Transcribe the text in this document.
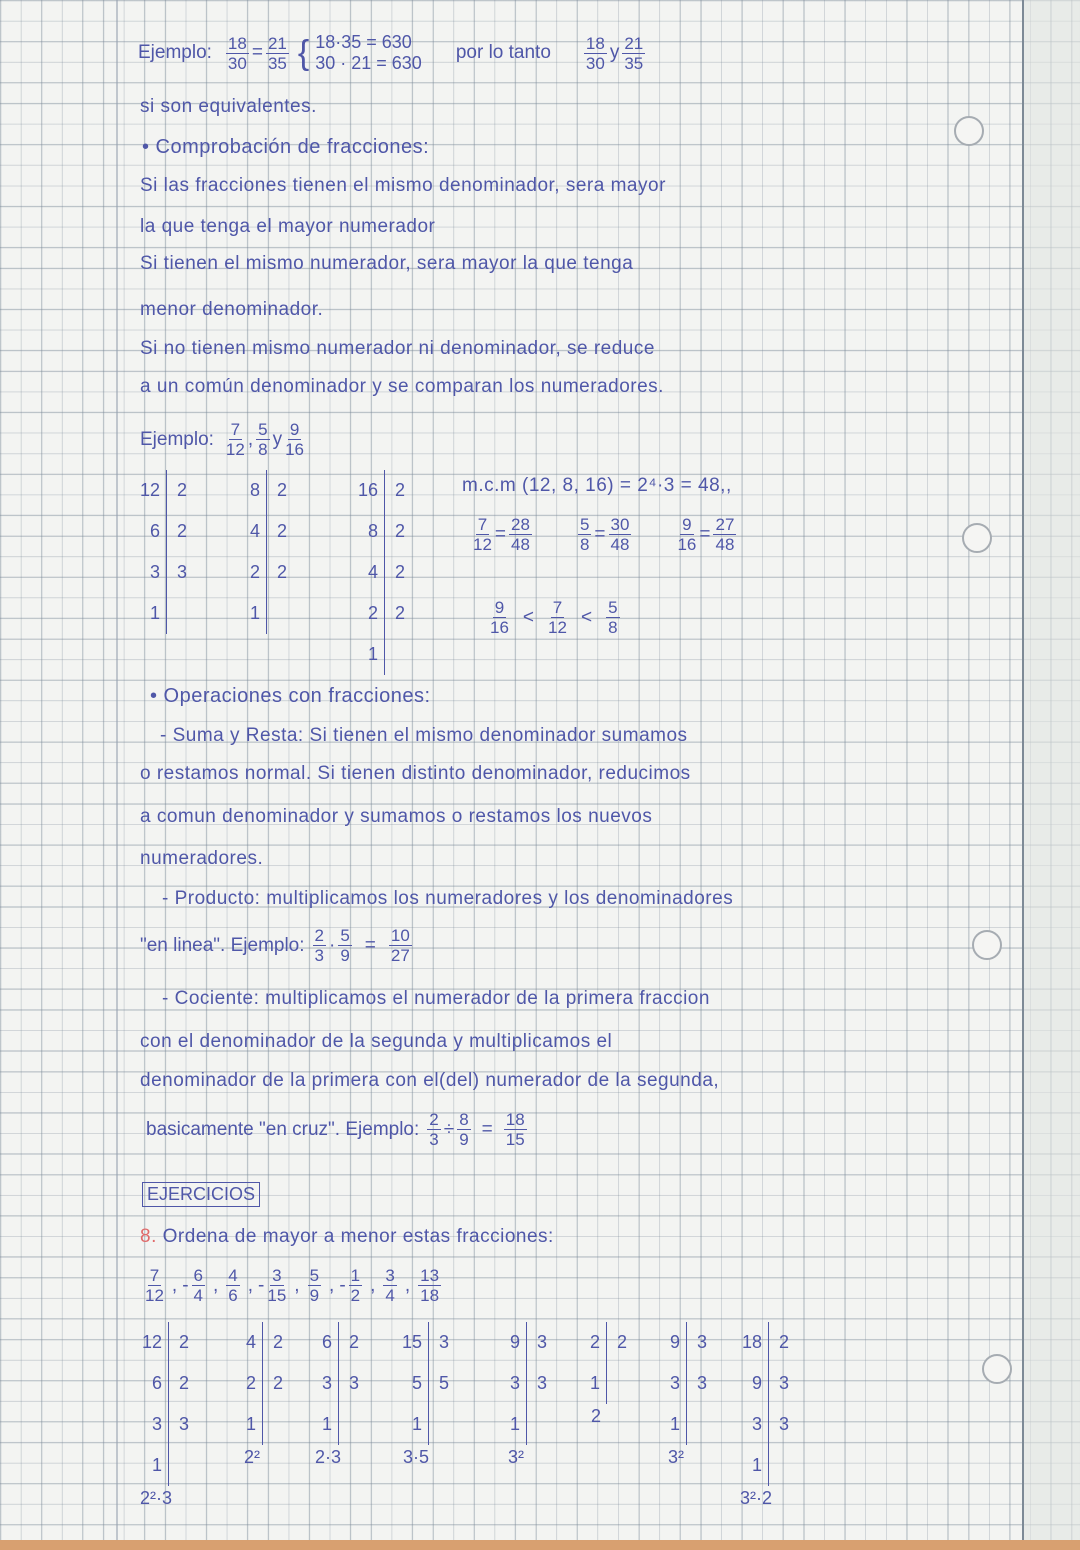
Ejemplo: $\frac{18}{30} = \frac{21}{35}$ { 18·35 = 630
30 · 21 = 630 por lo tanto $\frac{18}{30}$ y $\frac{21}{35}$
si son equivalentes.
• Comprobación de fracciones:
Si las fracciones tienen el mismo denominador, sera mayor
la que tenga el mayor numerador
Si tienen el mismo numerador, sera mayor la que tenga
menor denominador.
Si no tienen mismo numerador ni denominador, se reduce
a un común denominador y se comparan los numeradores.
Ejemplo: $\frac{7}{12}$ , $\frac{5}{8}$ y $\frac{9}{16}$
12	2
6	2
3	3
1	
8	2
4	2
2	2
1	
16	2
8	2
4	2
2	2
1	
m.c.m (12, 8, 16) = 2⁴·3 = 48,,
$\frac{7}{12} = \frac{28}{48}$	$\frac{5}{8} = \frac{30}{48}$	$\frac{9}{16} = \frac{27}{48}$
$\frac{9}{16} < \frac{7}{12} < \frac{5}{8}$
• Operaciones con fracciones:
- Suma y Resta: Si tienen el mismo denominador sumamos
o restamos normal. Si tienen distinto denominador, reducimos
a comun denominador y sumamos o restamos los nuevos
numeradores.
- Producto: multiplicamos los numeradores y los denominadores
"en linea". Ejemplo: $\frac{2}{3} \cdot \frac{5}{9} = \frac{10}{27}$
- Cociente: multiplicamos el numerador de la primera fraccion
con el denominador de la segunda y multiplicamos el
denominador de la primera con el(del) numerador de la segunda,
basicamente "en cruz". Ejemplo: $\frac{2}{3} \div \frac{8}{9} = \frac{18}{15}$
EJERCICIOS
8. Ordena de mayor a menor estas fracciones:
$\frac{7}{12}$ , - $\frac{6}{4}$ , $\frac{4}{6}$ , - $\frac{3}{15}$ , $\frac{5}{9}$ , - $\frac{1}{2}$ , $\frac{3}{4}$ , $\frac{13}{18}$
12	2
6	2
3	3
1	
2²·3
4	2
2	2
1	
2²
6	2
3	3
1	
2·3
15	3
5	5
1	
3·5
9	3
3	3
1	
3²
2	2
1	
2
9	3
3	3
1	
3²
18	2
9	3
3	3
1	
3²·2
